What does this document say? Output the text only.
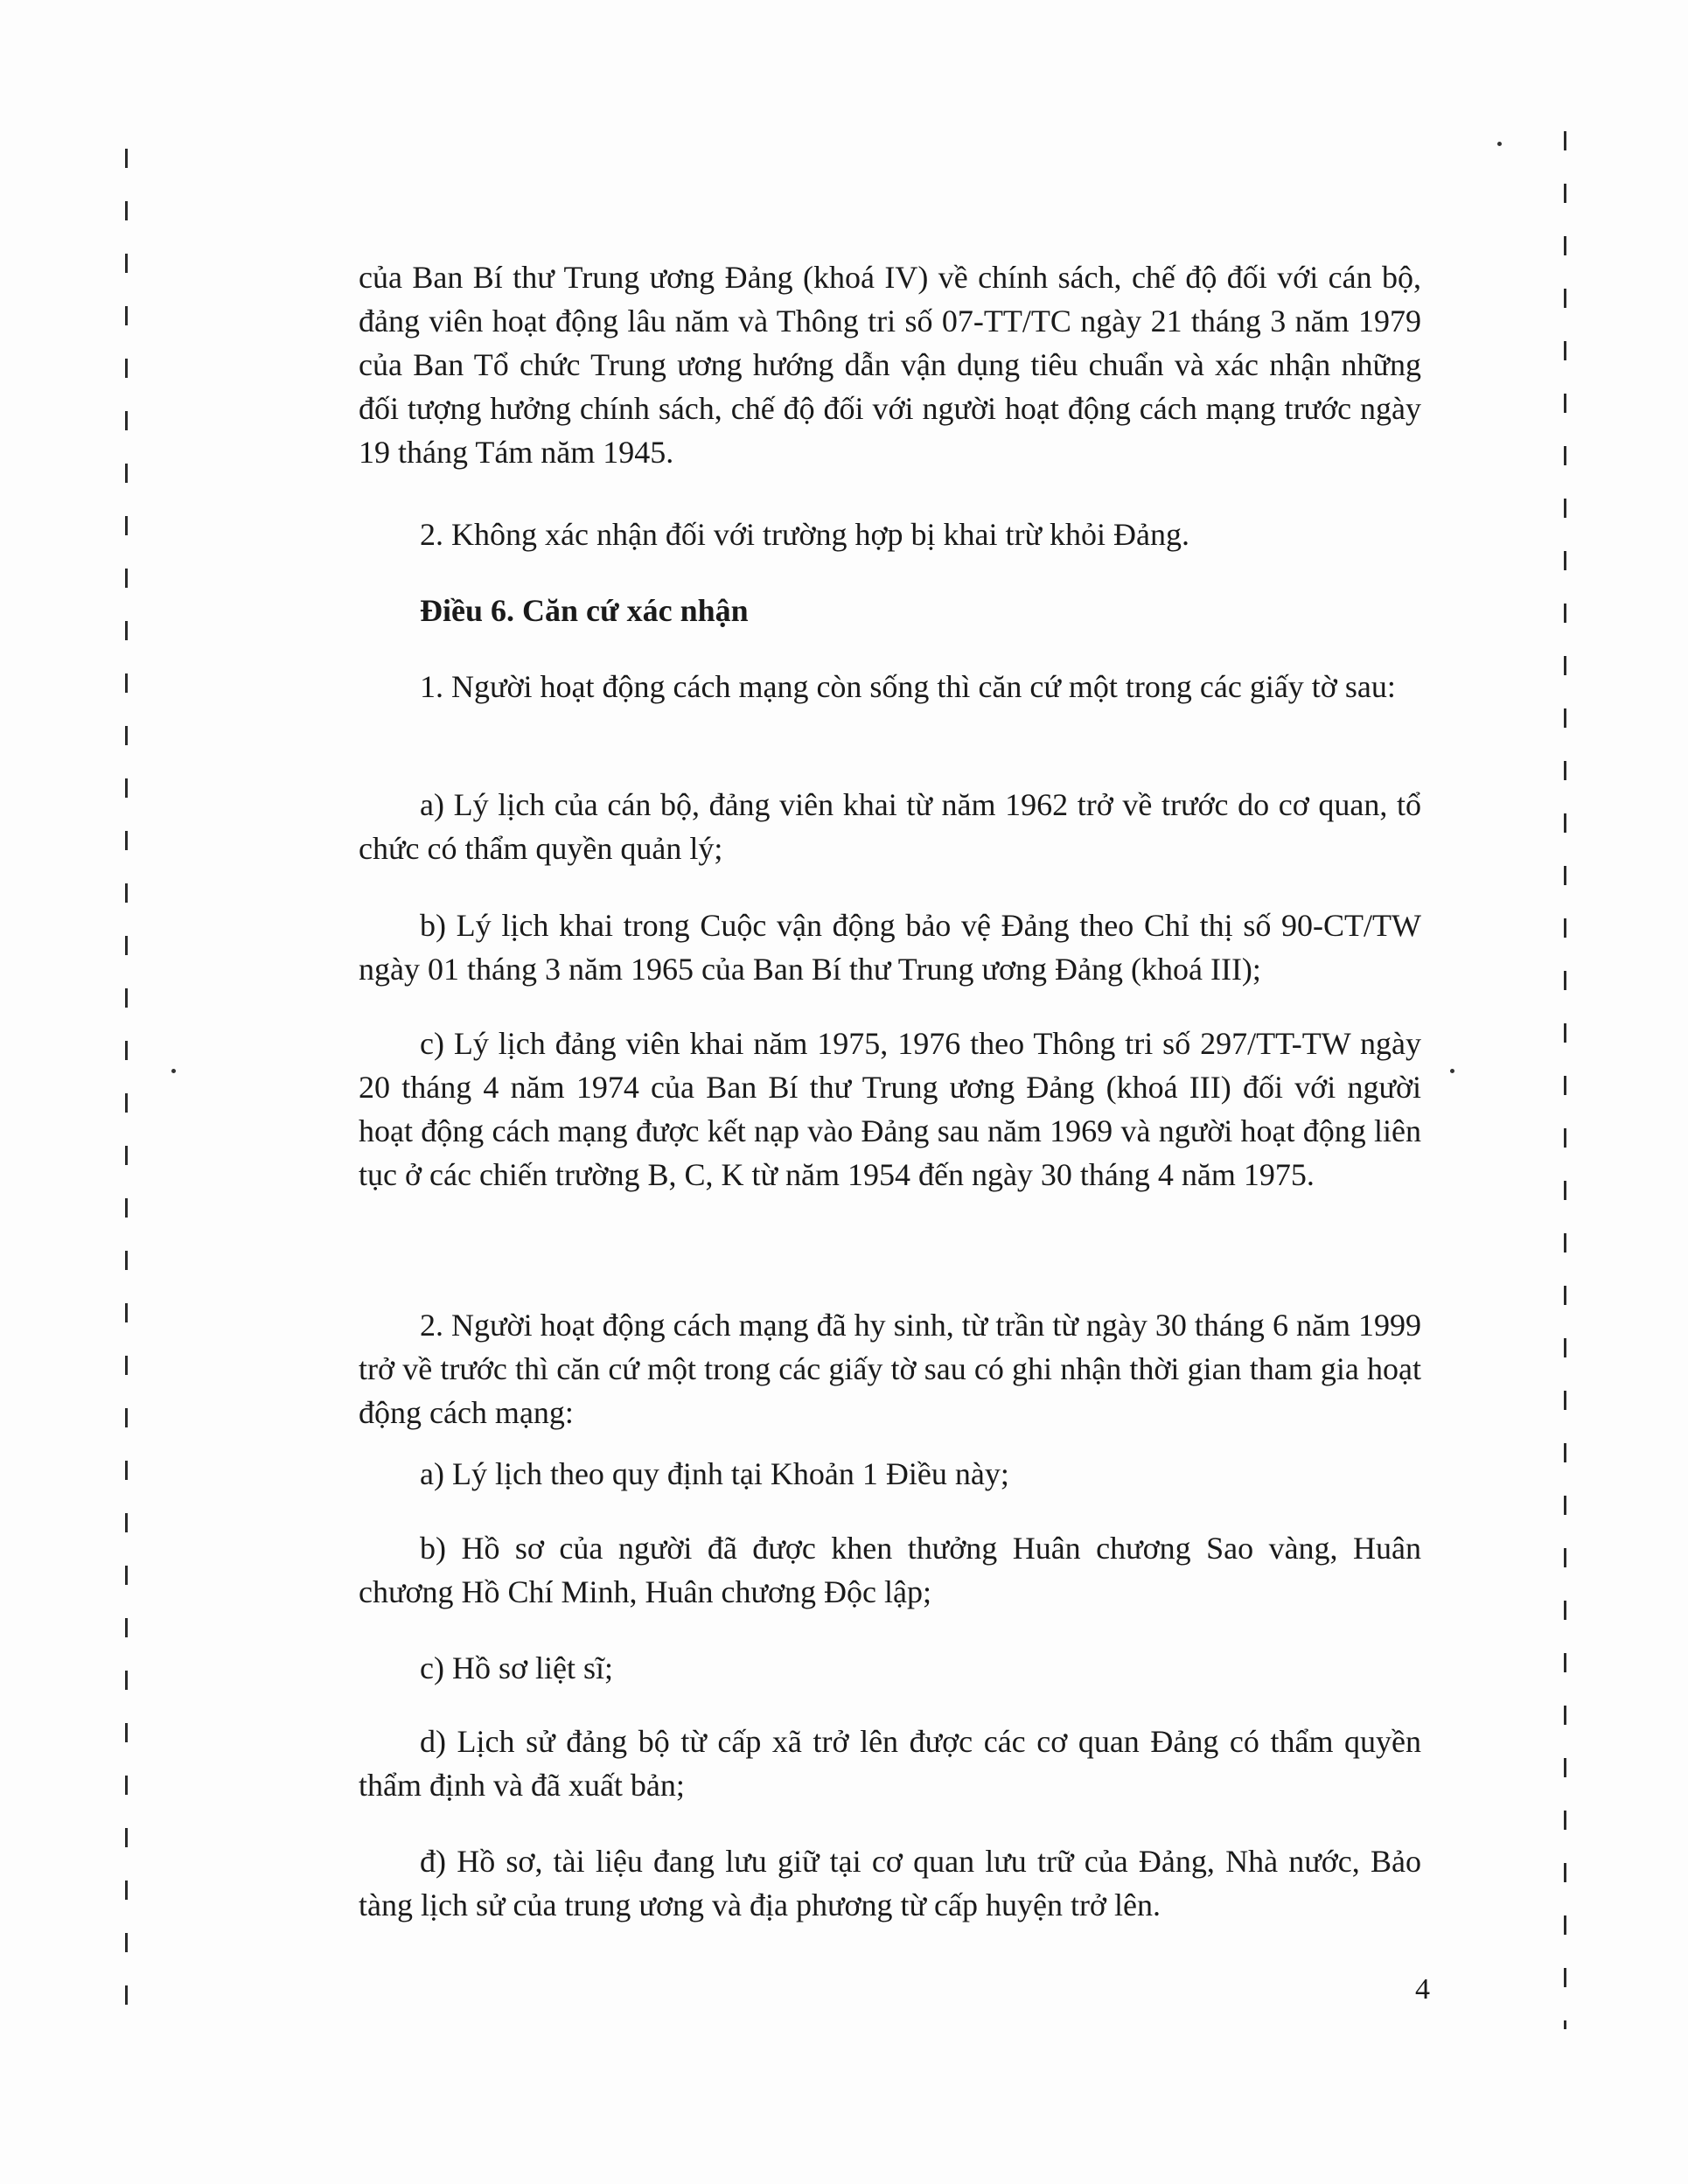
của Ban Bí thư Trung ương Đảng (khoá IV) về chính sách, chế độ đối với cán bộ, đảng viên hoạt động lâu năm và Thông tri số 07-TT/TC ngày 21 tháng 3 năm 1979 của Ban Tổ chức Trung ương hướng dẫn vận dụng tiêu chuẩn và xác nhận những đối tượng hưởng chính sách, chế độ đối với người hoạt động cách mạng trước ngày 19 tháng Tám năm 1945.

2. Không xác nhận đối với trường hợp bị khai trừ khỏi Đảng.

Điều 6. Căn cứ xác nhận

1. Người hoạt động cách mạng còn sống thì căn cứ một trong các giấy tờ sau:

a) Lý lịch của cán bộ, đảng viên khai từ năm 1962 trở về trước do cơ quan, tổ chức có thẩm quyền quản lý;

b) Lý lịch khai trong Cuộc vận động bảo vệ Đảng theo Chỉ thị số 90-CT/TW ngày 01 tháng 3 năm 1965 của Ban Bí thư Trung ương Đảng (khoá III);

c) Lý lịch đảng viên khai năm 1975, 1976 theo Thông tri số 297/TT-TW ngày 20 tháng 4 năm 1974 của Ban Bí thư Trung ương Đảng (khoá III) đối với người hoạt động cách mạng được kết nạp vào Đảng sau năm 1969 và người hoạt động liên tục ở các chiến trường B, C, K từ năm 1954 đến ngày 30 tháng 4 năm 1975.

2. Người hoạt động cách mạng đã hy sinh, từ trần từ ngày 30 tháng 6 năm 1999 trở về trước thì căn cứ một trong các giấy tờ sau có ghi nhận thời gian tham gia hoạt động cách mạng:

a) Lý lịch theo quy định tại Khoản 1 Điều này;

b) Hồ sơ của người đã được khen thưởng Huân chương Sao vàng, Huân chương Hồ Chí Minh, Huân chương Độc lập;

c) Hồ sơ liệt sĩ;

d) Lịch sử đảng bộ từ cấp xã trở lên được các cơ quan Đảng có thẩm quyền thẩm định và đã xuất bản;

đ) Hồ sơ, tài liệu đang lưu giữ tại cơ quan lưu trữ của Đảng, Nhà nước, Bảo tàng lịch sử của trung ương và địa phương từ cấp huyện trở lên.

4
